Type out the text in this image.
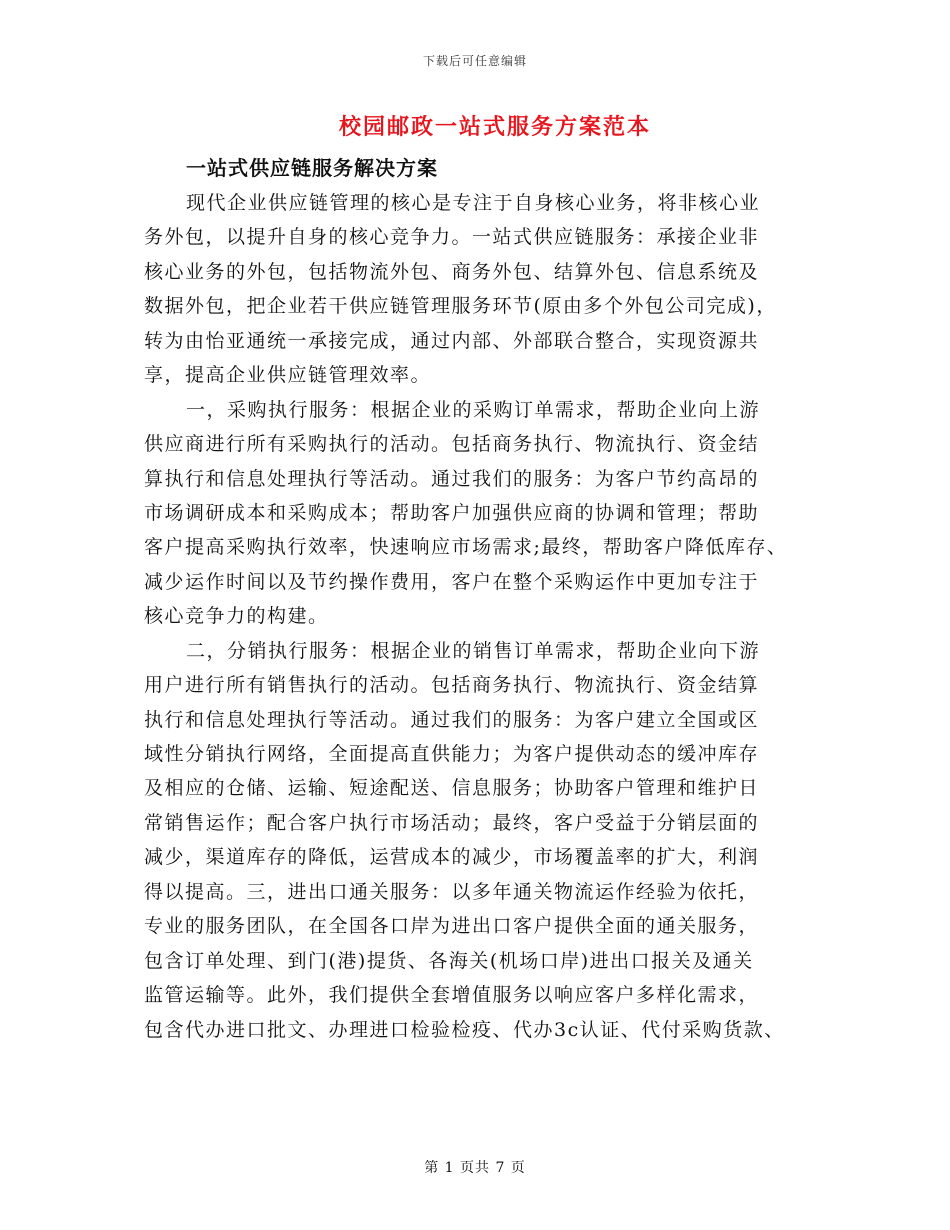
下载后可任意编辑
校园邮政一站式服务方案范本
一站式供应链服务解决方案
现代企业供应链管理的核心是专注于自身核心业务，将非核心业
务外包，以提升自身的核心竞争力。一站式供应链服务：承接企业非
核心业务的外包，包括物流外包、商务外包、结算外包、信息系统及
数据外包，把企业若干供应链管理服务环节(原由多个外包公司完成)，
转为由怡亚通统一承接完成，通过内部、外部联合整合，实现资源共
享，提高企业供应链管理效率。
一，采购执行服务：根据企业的采购订单需求，帮助企业向上游
供应商进行所有采购执行的活动。包括商务执行、物流执行、资金结
算执行和信息处理执行等活动。通过我们的服务：为客户节约高昂的
市场调研成本和采购成本；帮助客户加强供应商的协调和管理；帮助
客户提高采购执行效率，快速响应市场需求;最终，帮助客户降低库存、
减少运作时间以及节约操作费用，客户在整个采购运作中更加专注于
核心竞争力的构建。
二，分销执行服务：根据企业的销售订单需求，帮助企业向下游
用户进行所有销售执行的活动。包括商务执行、物流执行、资金结算
执行和信息处理执行等活动。通过我们的服务：为客户建立全国或区
域性分销执行网络，全面提高直供能力；为客户提供动态的缓冲库存
及相应的仓储、运输、短途配送、信息服务；协助客户管理和维护日
常销售运作；配合客户执行市场活动；最终，客户受益于分销层面的
减少，渠道库存的降低，运营成本的减少，市场覆盖率的扩大，利润
得以提高。三，进出口通关服务：以多年通关物流运作经验为依托，
专业的服务团队，在全国各口岸为进出口客户提供全面的通关服务，
包含订单处理、到门(港)提货、各海关(机场口岸)进出口报关及通关
监管运输等。此外，我们提供全套增值服务以响应客户多样化需求，
包含代办进口批文、办理进口检验检疫、代办3c认证、代付采购货款、
第 1 页共 7 页
